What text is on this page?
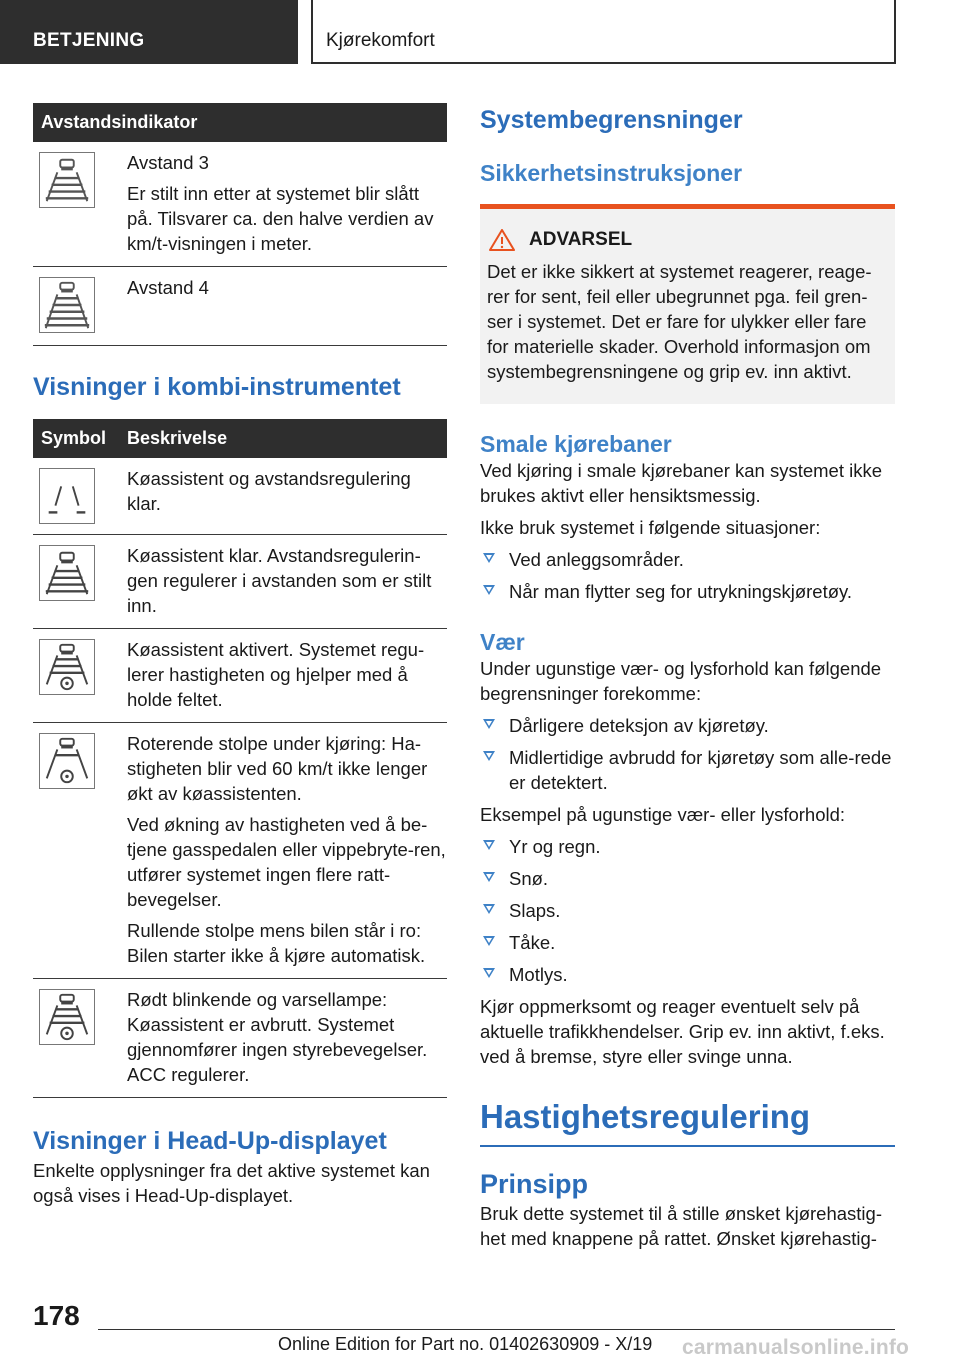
BETJENING	Kjørekomfort
Avstandsindikator

Avstand 3

Er stilt inn etter at systemet blir slått på. Tilsvarer ca. den halve verdien av km/t-visningen i meter.

Avstand 4

Visninger i kombi-instrumentet
Symbol	Beskrivelse

Køassistent og avstandsregulering klar.

Køassistent klar. Avstandsregulerin-gen regulerer i avstanden som er stilt inn.

Køassistent aktivert. Systemet regu-lerer hastigheten og hjelper med å holde feltet.

Roterende stolpe under kjøring: Ha-stigheten blir ved 60 km/t ikke lenger økt av køassistenten.

Ved økning av hastigheten ved å be-tjene gasspedalen eller vippebryte-ren, utfører systemet ingen flere ratt-bevegelser.

Rullende stolpe mens bilen står i ro: Bilen starter ikke å kjøre automatisk.

Rødt blinkende og varsellampe: Køassistent er avbrutt. Systemet gjennomfører ingen styrebevegelser. ACC regulerer.

Visninger i Head-Up-displayet

Enkelte opplysninger fra det aktive systemet kan også vises i Head-Up-displayet.

Systembegrensninger
Sikkerhetsinstruksjoner
ADVARSEL

Det er ikke sikkert at systemet reagerer, reage-rer for sent, feil eller ubegrunnet pga. feil gren-ser i systemet. Det er fare for ulykker eller fare for materielle skader. Overhold informasjon om systembegrensningene og grip ev. inn aktivt.

Smale kjørebaner

Ved kjøring i smale kjørebaner kan systemet ikke brukes aktivt eller hensiktsmessig.

Ikke bruk systemet i følgende situasjoner:

Ved anleggsområder.
Når man flytter seg for utrykningskjøretøy.
Vær

Under ugunstige vær- og lysforhold kan følgende begrensninger forekomme:

Dårligere deteksjon av kjøretøy.
Midlertidige avbrudd for kjøretøy som alle-rede er detektert.

Eksempel på ugunstige vær- eller lysforhold:

Yr og regn.
Snø.
Slaps.
Tåke.
Motlys.

Kjør oppmerksomt og reager eventuelt selv på aktuelle trafikkhendelser. Grip ev. inn aktivt, f.eks. ved å bremse, styre eller svinge unna.

Hastighetsregulering
Prinsipp

Bruk dette systemet til å stille ønsket kjørehastig-het med knappene på rattet. Ønsket kjørehastig-

178
Online Edition for Part no. 01402630909 - X/19 carmanualsonline.info
